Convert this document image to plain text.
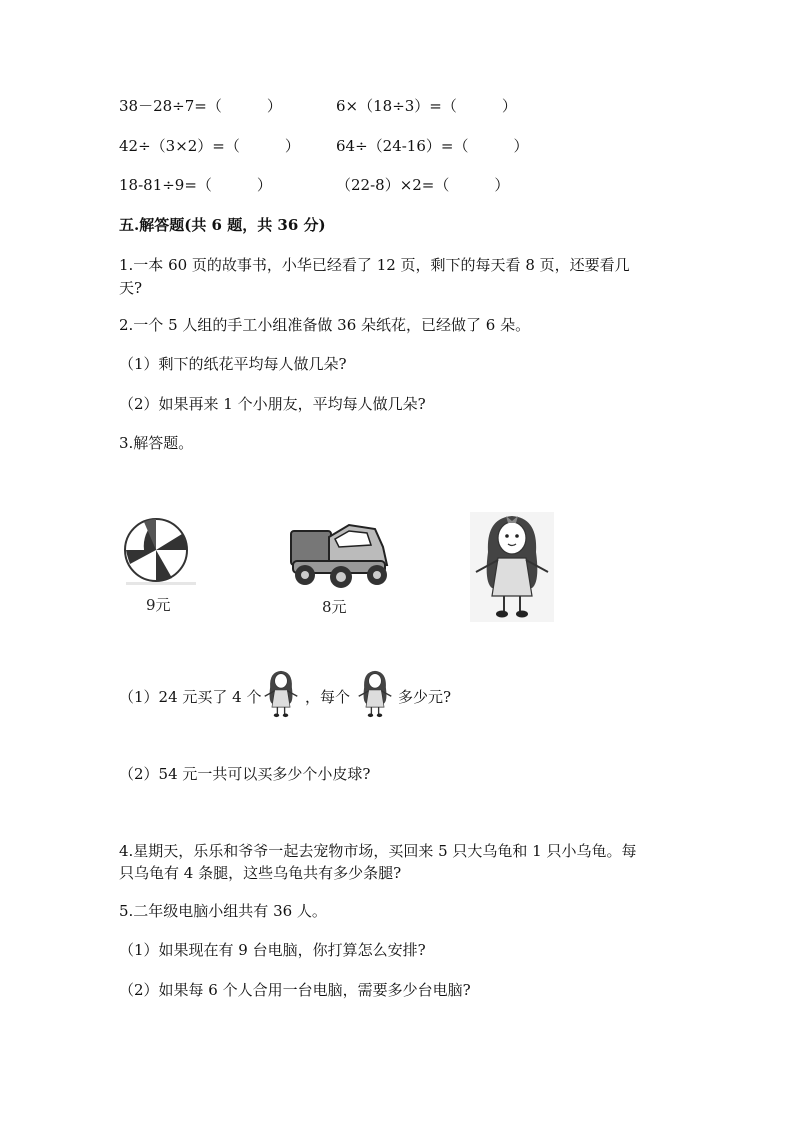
38－28÷7=（　　　）	6×（18÷3）=（　　　）
42÷（3×2）=（　　　） 64÷（24-16）=（　　　）
18-81÷9=（　　　）	（22-8）×2=（　　　）
五.解答题(共 6 题，共 36 分)
1.一本 60 页的故事书，小华已经看了 12 页，剩下的每天看 8 页，还要看几
天?
2.一个 5 人组的手工小组准备做 36 朵纸花，已经做了 6 朵。
（1）剩下的纸花平均每人做几朵?
（2）如果再来 1 个小朋友，平均每人做几朵?
3.解答题。
9元	8元
（1）24 元买了 4 个	，每个	多少元?
（2）54 元一共可以买多少个小皮球?
4.星期天，乐乐和爷爷一起去宠物市场，买回来 5 只大乌龟和 1 只小乌龟。每
只乌龟有 4 条腿，这些乌龟共有多少条腿?
5.二年级电脑小组共有 36 人。
（1）如果现在有 9 台电脑，你打算怎么安排?
（2）如果每 6 个人合用一台电脑，需要多少台电脑?
